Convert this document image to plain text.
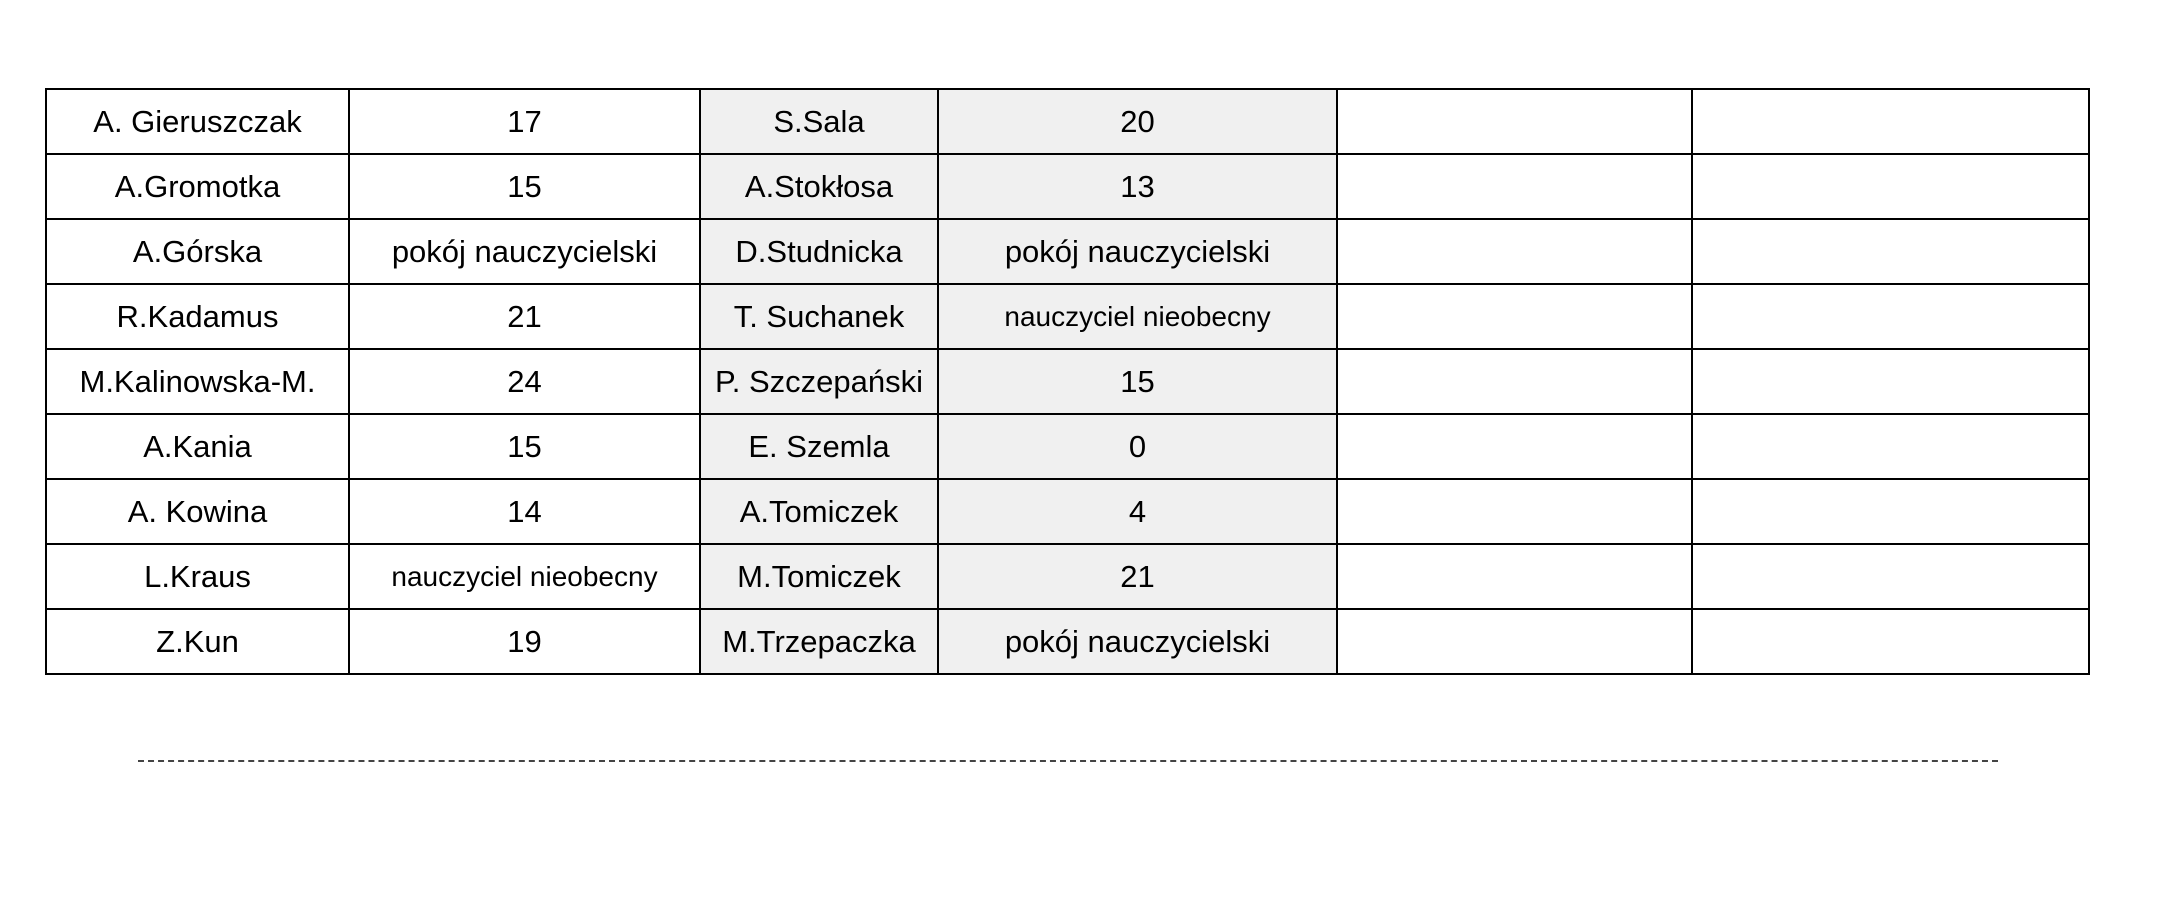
A. Gieruszczak	17	S.Sala	20		
A.Gromotka	15	A.Stokłosa	13		
A.Górska	pokój nauczycielski	D.Studnicka	pokój nauczycielski		
R.Kadamus	21	T. Suchanek	nauczyciel nieobecny		
M.Kalinowska-M.	24	P. Szczepański	15		
A.Kania	15	E. Szemla	0		
A. Kowina	14	A.Tomiczek	4		
L.Kraus	nauczyciel nieobecny	M.Tomiczek	21		
Z.Kun	19	M.Trzepaczka	pokój nauczycielski		
